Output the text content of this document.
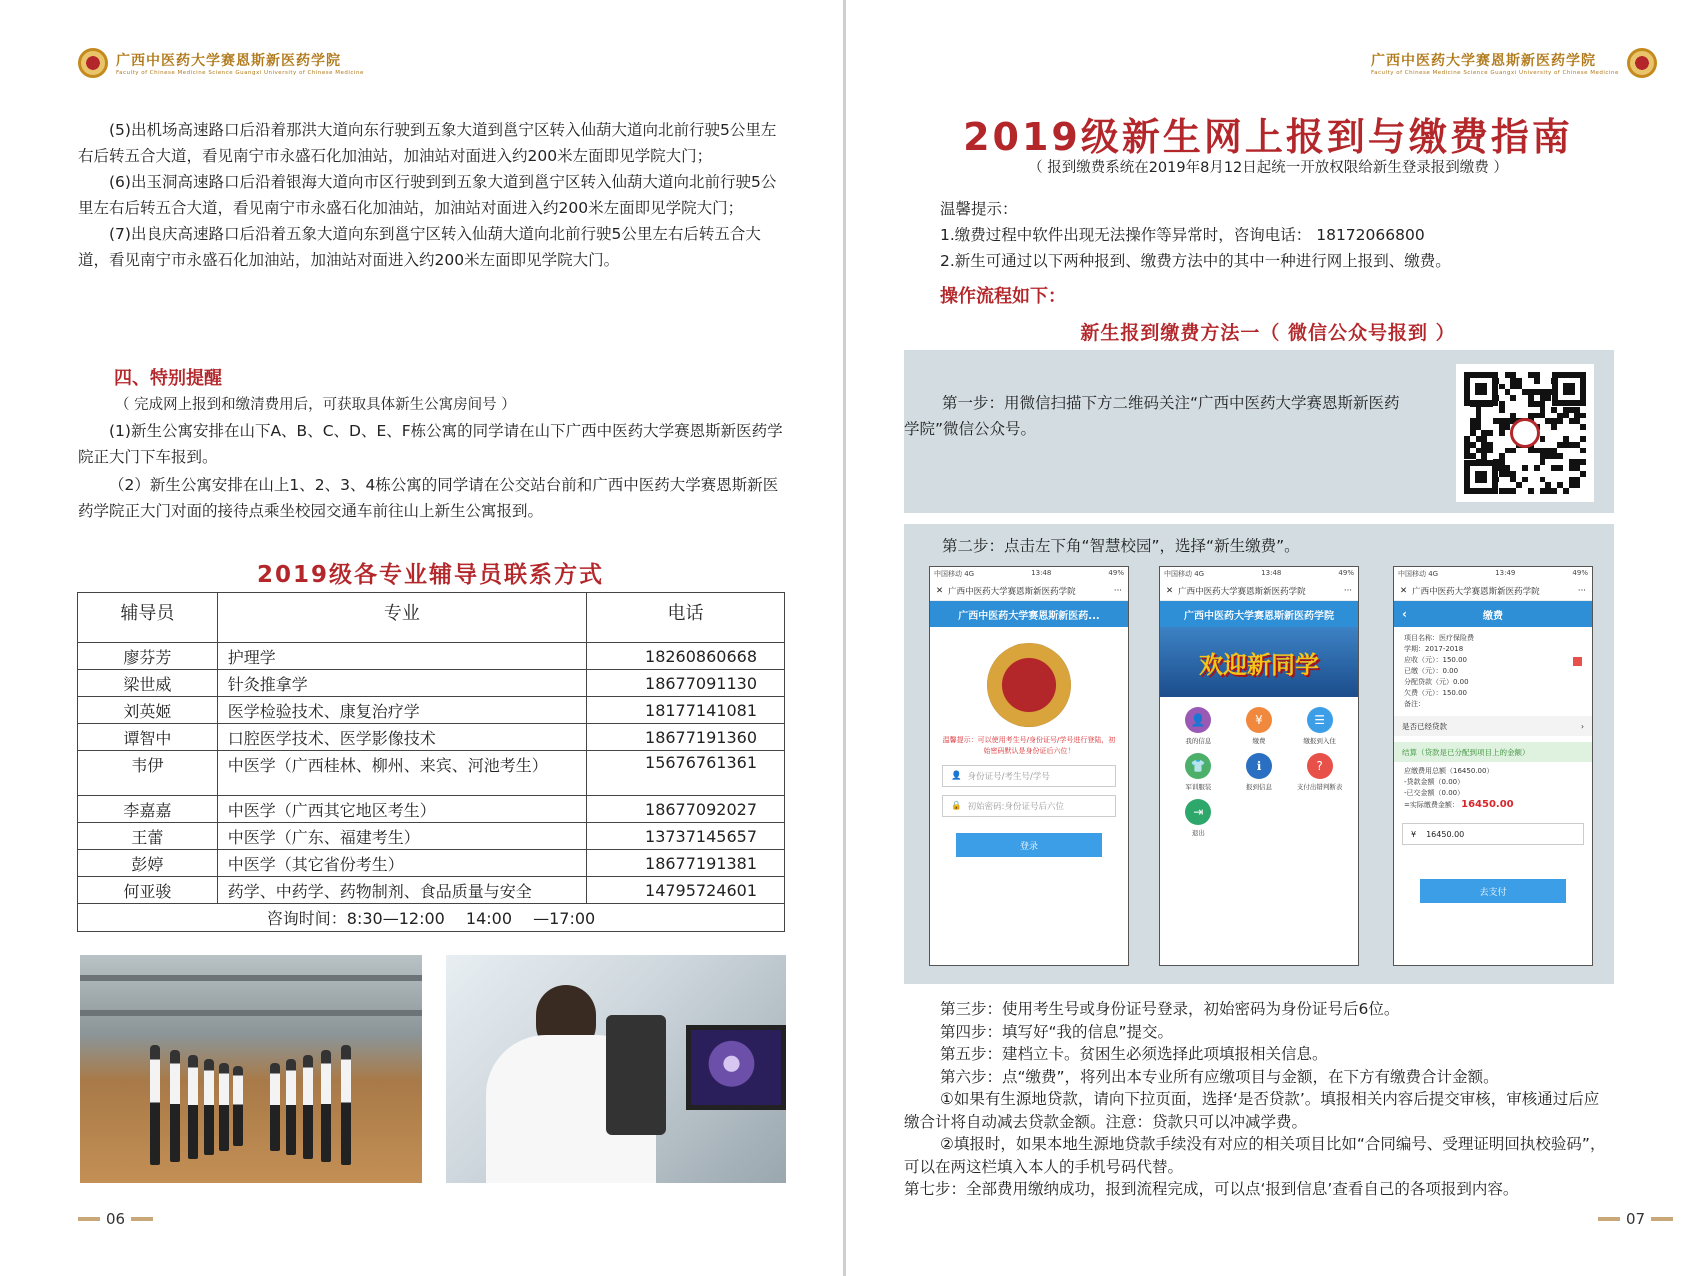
广西中医药大学赛恩斯新医药学院
Faculty of Chinese Medicine Science Guangxi University of Chinese Medicine

(5)出机场高速路口后沿着那洪大道向东行驶到五象大道到邕宁区转入仙葫大道向北前行驶5公里左右后转五合大道，看见南宁市永盛石化加油站，加油站对面进入约200米左面即见学院大门；

(6)出玉洞高速路口后沿着银海大道向市区行驶到到五象大道到邕宁区转入仙葫大道向北前行驶5公里左右后转五合大道，看见南宁市永盛石化加油站，加油站对面进入约200米左面即见学院大门；

(7)出良庆高速路口后沿着五象大道向东到邕宁区转入仙葫大道向北前行驶5公里左右后转五合大道，看见南宁市永盛石化加油站，加油站对面进入约200米左面即见学院大门。

四、特别提醒
（ 完成网上报到和缴清费用后，可获取具体新生公寓房间号 ）

(1)新生公寓安排在山下A、B、C、D、E、F栋公寓的同学请在山下广西中医药大学赛恩斯新医药学院正大门下车报到。

（2）新生公寓安排在山上1、2、3、4栋公寓的同学请在公交站台前和广西中医药大学赛恩斯新医药学院正大门对面的接待点乘坐校园交通车前往山上新生公寓报到。

2019级各专业辅导员联系方式
辅导员	专业	电话
廖芬芳	护理学	18260860668
梁世威	针灸推拿学	18677091130
刘英姬	医学检验技术、康复治疗学	18177141081
谭智中	口腔医学技术、医学影像技术	18677191360
韦伊	中医学（广西桂林、柳州、来宾、河池考生）	15676761361
李嘉嘉	中医学（广西其它地区考生）	18677092027
王蕾	中医学（广东、福建考生）	13737145657
彭婷	中医学（其它省份考生）	18677191381
何亚骏	药学、中药学、药物制剂、食品质量与安全	14795724601
咨询时间：8:30—12:00　 14:00　 —17:00		
06
广西中医药大学赛恩斯新医药学院
Faculty of Chinese Medicine Science Guangxi University of Chinese Medicine
2019级新生网上报到与缴费指南
（ 报到缴费系统在2019年8月12日起统一开放权限给新生登录报到缴费 ）

温馨提示：

1.缴费过程中软件出现无法操作等异常时，咨询电话： 18172066800

2.新生可通过以下两种报到、缴费方法中的其中一种进行网上报到、缴费。

操作流程如下：
新生报到缴费方法一（ 微信公众号报到 ）
第一步：用微信扫描下方二维码关注“广西中医药大学赛恩斯新医药学院”微信公众号。
第二步：点击左下角“智慧校园”，选择“新生缴费”。
中国移动 4G	13:48	49%
✕ 广西中医药大学赛恩斯新医药学院	···
广西中医药大学赛恩斯新医药...
温馨提示：可以使用考生号/身份证号/学号进行登陆，初始密码默认是身份证后六位！
👤 身份证号/考生号/学号
🔒 初始密码:身份证号后六位
登录
中国移动 4G	13:48	49%
✕ 广西中医药大学赛恩斯新医药学院	···
广西中医药大学赛恩斯新医药学院
欢迎新同学
👤
我的信息
¥
缴费
☰
缴报到入住
👕
军训服装
ℹ
报到信息
?
支付出错判断表
⇥
退出
中国移动 4G	13:49	49%
✕ 广西中医药大学赛恩斯新医药学院	···
‹	缴费
项目名称：医疗保险费
学期：2017-2018
应收（元）：150.00
已缴（元）：0.00
分配贷款（元）0.00
欠费（元）：150.00
备注：
是否已经贷款	›
结算（贷款是已分配到项目上的金额）
应缴费用总额（16450.00）
-贷款金额（0.00）
-已交金额（0.00）
=实际缴费金额： 16450.00
¥ 16450.00
去支付

第三步：使用考生号或身份证号登录，初始密码为身份证号后6位。

第四步：填写好“我的信息”提交。

第五步：建档立卡。贫困生必须选择此项填报相关信息。

第六步：点“缴费”，将列出本专业所有应缴项目与金额，在下方有缴费合计金额。

①如果有生源地贷款，请向下拉页面，选择‘是否贷款’。填报相关内容后提交审核，审核通过后应缴合计将自动减去贷款金额。注意：贷款只可以冲减学费。

②填报时，如果本地生源地贷款手续没有对应的相关项目比如“合同编号、受理证明回执校验码”，可以在两这栏填入本人的手机号码代替。

第七步：全部费用缴纳成功，报到流程完成，可以点‘报到信息’查看自己的各项报到内容。

07
